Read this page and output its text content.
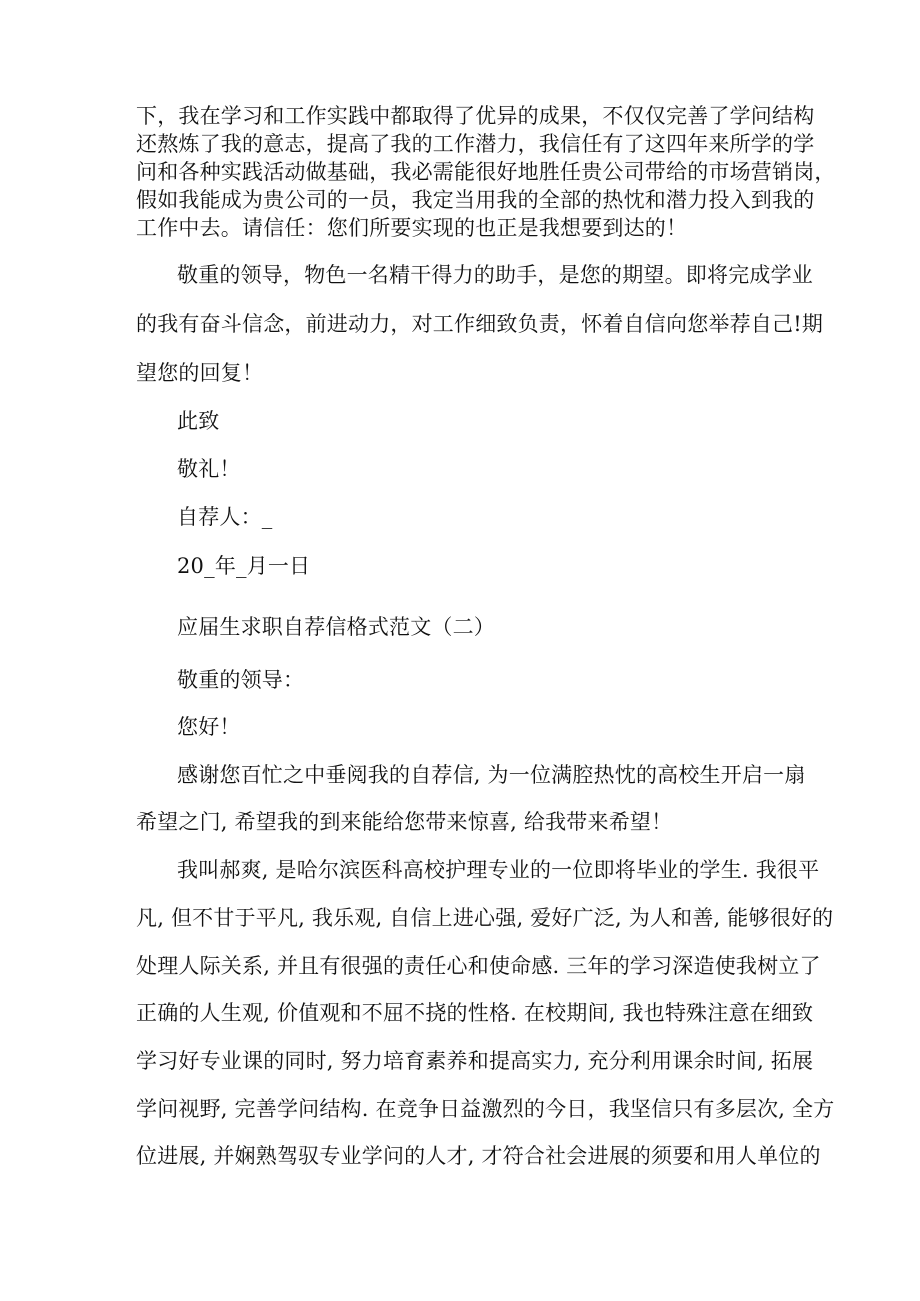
下，我在学习和工作实践中都取得了优异的成果，不仅仅完善了学问结构
还熬炼了我的意志，提高了我的工作潜力，我信任有了这四年来所学的学
问和各种实践活动做基础，我必需能很好地胜任贵公司带给的市场营销岗，
假如我能成为贵公司的一员，我定当用我的全部的热忱和潜力投入到我的
工作中去。请信任：您们所要实现的也正是我想要到达的！
敬重的领导，物色一名精干得力的助手，是您的期望。即将完成学业
的我有奋斗信念，前进动力，对工作细致负责，怀着自信向您举荐自己!期
望您的回复！
此致
敬礼！
自荐人：_
20_年_月一日
应届生求职自荐信格式范文（二）
敬重的领导：
您好！
感谢您百忙之中垂阅我的自荐信, 为一位满腔热忱的高校生开启一扇
希望之门, 希望我的到来能给您带来惊喜, 给我带来希望！
我叫郝爽, 是哈尔滨医科高校护理专业的一位即将毕业的学生. 我很平
凡, 但不甘于平凡, 我乐观, 自信上进心强, 爱好广泛, 为人和善, 能够很好的
处理人际关系, 并且有很强的责任心和使命感. 三年的学习深造使我树立了
正确的人生观, 价值观和不屈不挠的性格. 在校期间, 我也特殊注意在细致
学习好专业课的同时, 努力培育素养和提高实力, 充分利用课余时间, 拓展
学问视野, 完善学问结构. 在竞争日益激烈的今日，我坚信只有多层次, 全方
位进展, 并娴熟驾驭专业学问的人才, 才符合社会进展的须要和用人单位的
